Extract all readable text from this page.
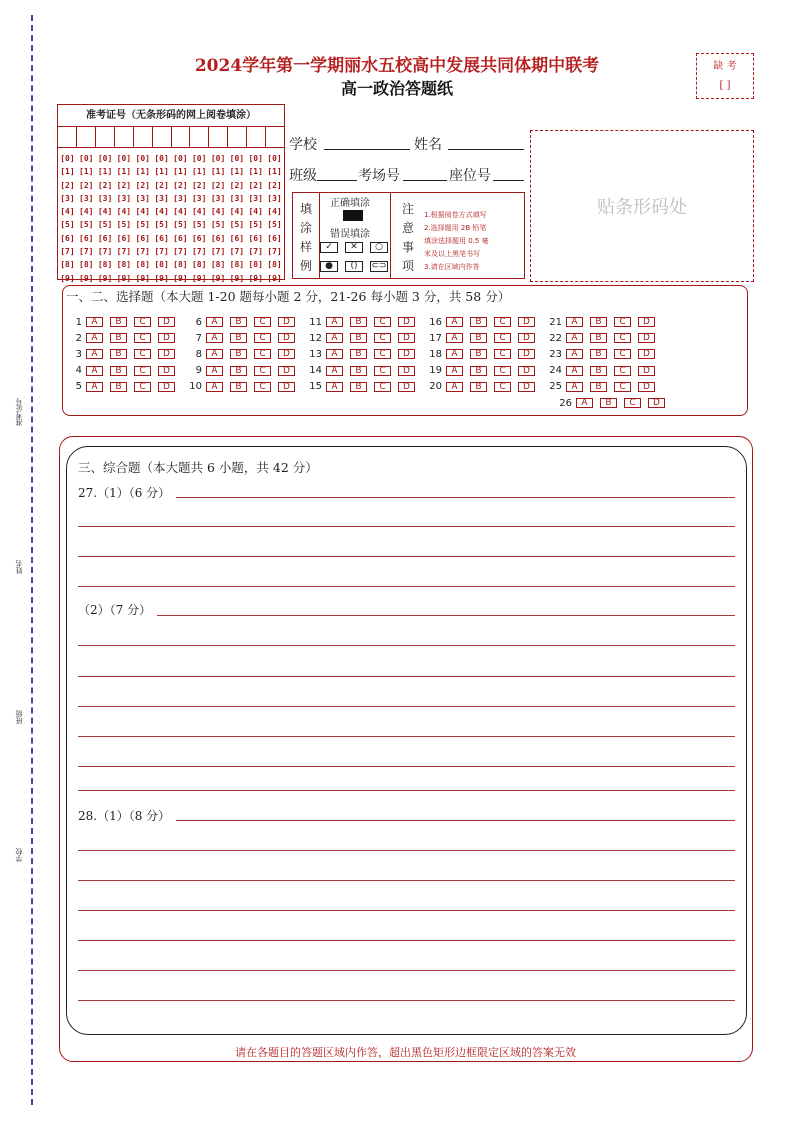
准考证号
姓名
班级
学校
2024学年第一学期丽水五校高中发展共同体期中联考
高一政治答题纸
缺 考
[ ]
准考证号（无条形码的网上阅卷填涂）
[0]
[1]
[2]
[3]
[4]
[5]
[6]
[7]
[8]
[9]
[0]
[1]
[2]
[3]
[4]
[5]
[6]
[7]
[8]
[9]
[0]
[1]
[2]
[3]
[4]
[5]
[6]
[7]
[8]
[9]
[0]
[1]
[2]
[3]
[4]
[5]
[6]
[7]
[8]
[9]
[0]
[1]
[2]
[3]
[4]
[5]
[6]
[7]
[8]
[9]
[0]
[1]
[2]
[3]
[4]
[5]
[6]
[7]
[8]
[9]
[0]
[1]
[2]
[3]
[4]
[5]
[6]
[7]
[8]
[9]
[0]
[1]
[2]
[3]
[4]
[5]
[6]
[7]
[8]
[9]
[0]
[1]
[2]
[3]
[4]
[5]
[6]
[7]
[8]
[9]
[0]
[1]
[2]
[3]
[4]
[5]
[6]
[7]
[8]
[9]
[0]
[1]
[2]
[3]
[4]
[5]
[6]
[7]
[8]
[9]
[0]
[1]
[2]
[3]
[4]
[5]
[6]
[7]
[8]
[9]
学校	姓名
班级	考场号	座位号
贴条形码处
填
涂
样
例
正确填涂
错误填涂
✓	✕	○
●	()	⊂⊃
注
意
事
项
1.根据阅卷方式填写
2.选择题用 2B 铅笔
填涂选择题用 0.5 毫
米及以上黑笔书写
3.请在区域内作答
一、二、选择题（本大题 1-20 题每小题 2 分，21-26 每小题 3 分，共 58 分）
1	A	B	C	D
2	A	B	C	D
3	A	B	C	D
4	A	B	C	D
5	A	B	C	D
6	A	B	C	D
7	A	B	C	D
8	A	B	C	D
9	A	B	C	D
10	A	B	C	D
11	A	B	C	D
12	A	B	C	D
13	A	B	C	D
14	A	B	C	D
15	A	B	C	D
16	A	B	C	D
17	A	B	C	D
18	A	B	C	D
19	A	B	C	D
20	A	B	C	D
21	A	B	C	D
22	A	B	C	D
23	A	B	C	D
24	A	B	C	D
25	A	B	C	D
26	A	B	C	D
三、综合题（本大题共 6 小题，共 42 分）
27.（1）（6 分）
（2）（7 分）
28.（1）（8 分）
请在各题目的答题区域内作答，超出黑色矩形边框限定区域的答案无效
